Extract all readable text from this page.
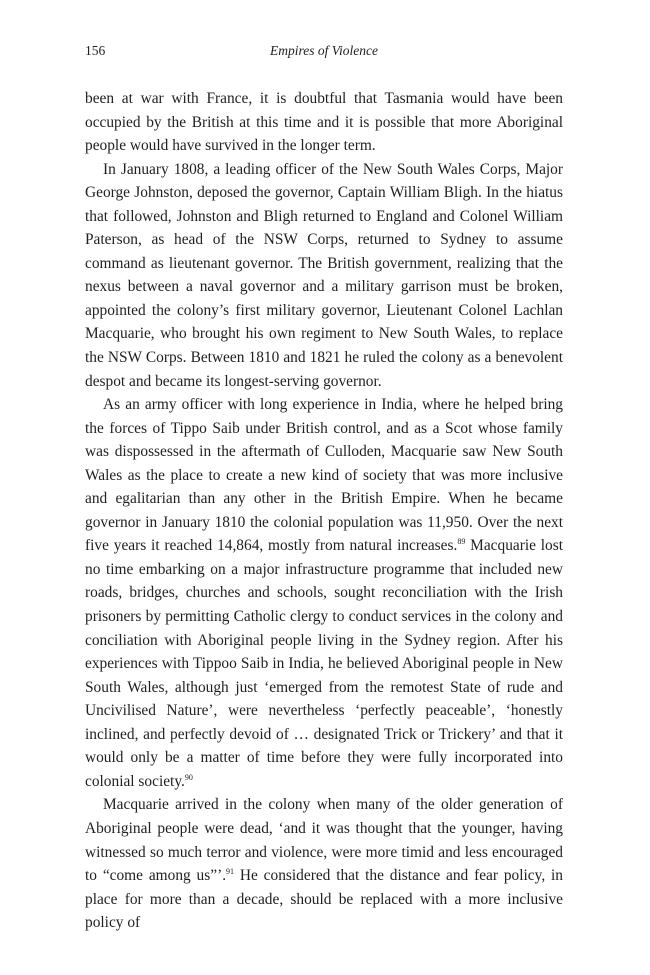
156	Empires of Violence

been at war with France, it is doubtful that Tasmania would have been occupied by the British at this time and it is possible that more Aboriginal people would have survived in the longer term.

In January 1808, a leading officer of the New South Wales Corps, Major George Johnston, deposed the governor, Captain William Bligh. In the hiatus that followed, Johnston and Bligh returned to England and Colonel William Paterson, as head of the NSW Corps, returned to Sydney to assume command as lieutenant governor. The British government, realizing that the nexus between a naval governor and a military garrison must be broken, appointed the colony’s first military governor, Lieutenant Colonel Lachlan Macquarie, who brought his own regiment to New South Wales, to replace the NSW Corps. Between 1810 and 1821 he ruled the colony as a benevolent despot and became its longest-serving governor.

As an army officer with long experience in India, where he helped bring the forces of Tippo Saib under British control, and as a Scot whose family was dispossessed in the aftermath of Culloden, Macquarie saw New South Wales as the place to create a new kind of society that was more inclusive and egalitarian than any other in the British Empire. When he became governor in January 1810 the colonial population was 11,950. Over the next five years it reached 14,864, mostly from natural increases.$^{89}$ Macquarie lost no time embarking on a major infrastructure programme that included new roads, bridges, churches and schools, sought reconciliation with the Irish prisoners by permitting Catholic clergy to conduct services in the colony and conciliation with Aboriginal people living in the Sydney region. After his experiences with Tippoo Saib in India, he believed Aboriginal people in New South Wales, although just ‘emerged from the remotest State of rude and Uncivilised Nature’, were nevertheless ‘perfectly peaceable’, ‘honestly inclined, and perfectly devoid of … designated Trick or Trickery’ and that it would only be a matter of time before they were fully incorporated into colonial society.$^{90}$

Macquarie arrived in the colony when many of the older generation of Aboriginal people were dead, ‘and it was thought that the younger, having witnessed so much terror and violence, were more timid and less encouraged to “come among us”’.$^{91}$ He considered that the distance and fear policy, in place for more than a decade, should be replaced with a more inclusive policy of
